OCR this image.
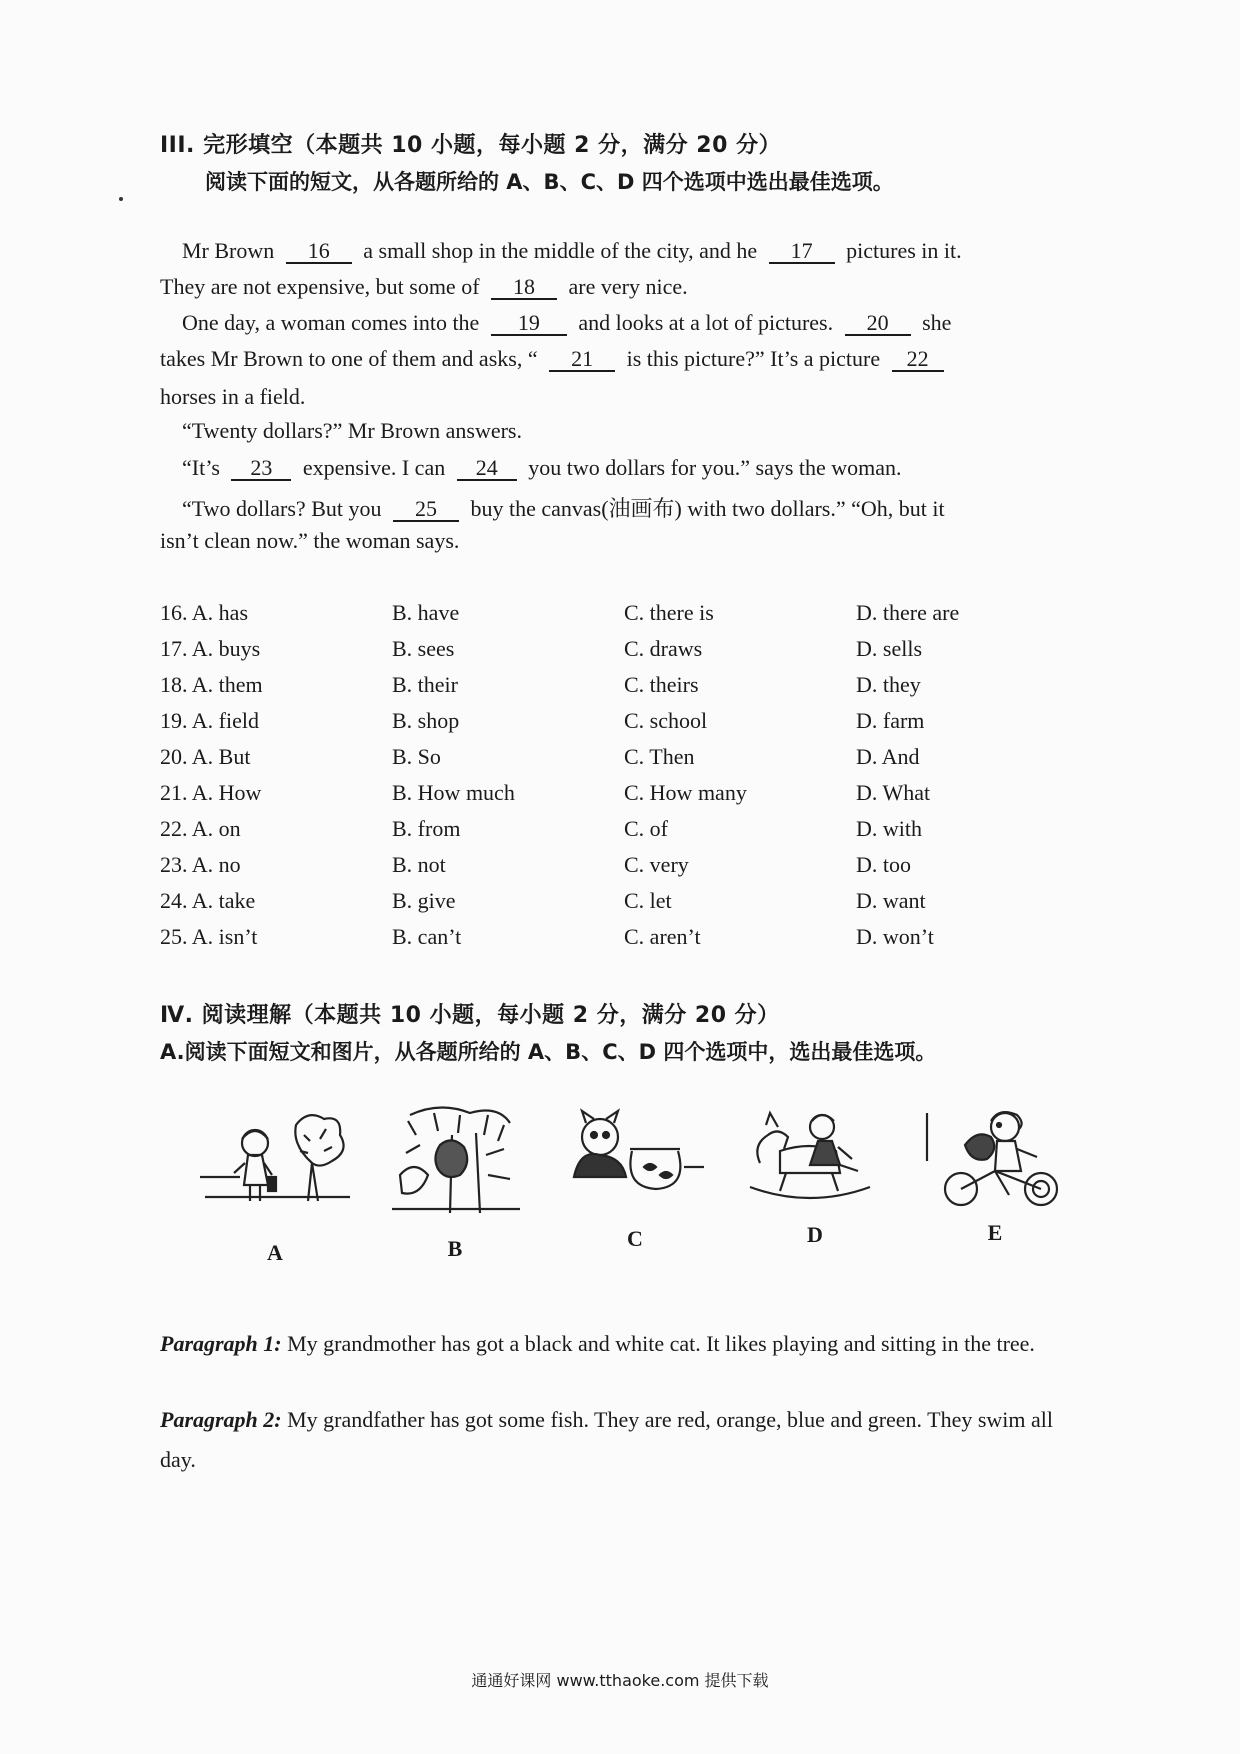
III. 完形填空（本题共 10 小题，每小题 2 分，满分 20 分）
阅读下面的短文，从各题所给的 A、B、C、D 四个选项中选出最佳选项。
Mr Brown 16 a small shop in the middle of the city, and he 17 pictures in it.
They are not expensive, but some of 18 are very nice.
One day, a woman comes into the 19 and looks at a lot of pictures. 20 she
takes Mr Brown to one of them and asks, “ 21 is this picture?” It’s a picture 22
horses in a field.
“Twenty dollars?” Mr Brown answers.
“It’s 23 expensive. I can 24 you two dollars for you.” says the woman.
“Two dollars? But you 25 buy the canvas(油画布) with two dollars.” “Oh, but it
isn’t clean now.” the woman says.
16. A. has	B. have	C. there is	D. there are
17. A. buys	B. sees	C. draws	D. sells
18. A. them	B. their	C. theirs	D. they
19. A. field	B. shop	C. school	D. farm
20. A. But	B. So	C. Then	D. And
21. A. How	B. How much	C. How many	D. What
22. A. on	B. from	C. of	D. with
23. A. no	B. not	C. very	D. too
24. A. take	B. give	C. let	D. want
25. A. isn’t	B. can’t	C. aren’t	D. won’t
Ⅳ. 阅读理解（本题共 10 小题，每小题 2 分，满分 20 分）
A.阅读下面短文和图片，从各题所给的 A、B、C、D 四个选项中，选出最佳选项。
A	B	C	D	E
Paragraph 1: My grandmother has got a black and white cat. It likes playing and sitting in the tree.
Paragraph 2: My grandfather has got some fish. They are red, orange, blue and green. They swim all day.
通通好课网 www.tthaoke.com 提供下载
